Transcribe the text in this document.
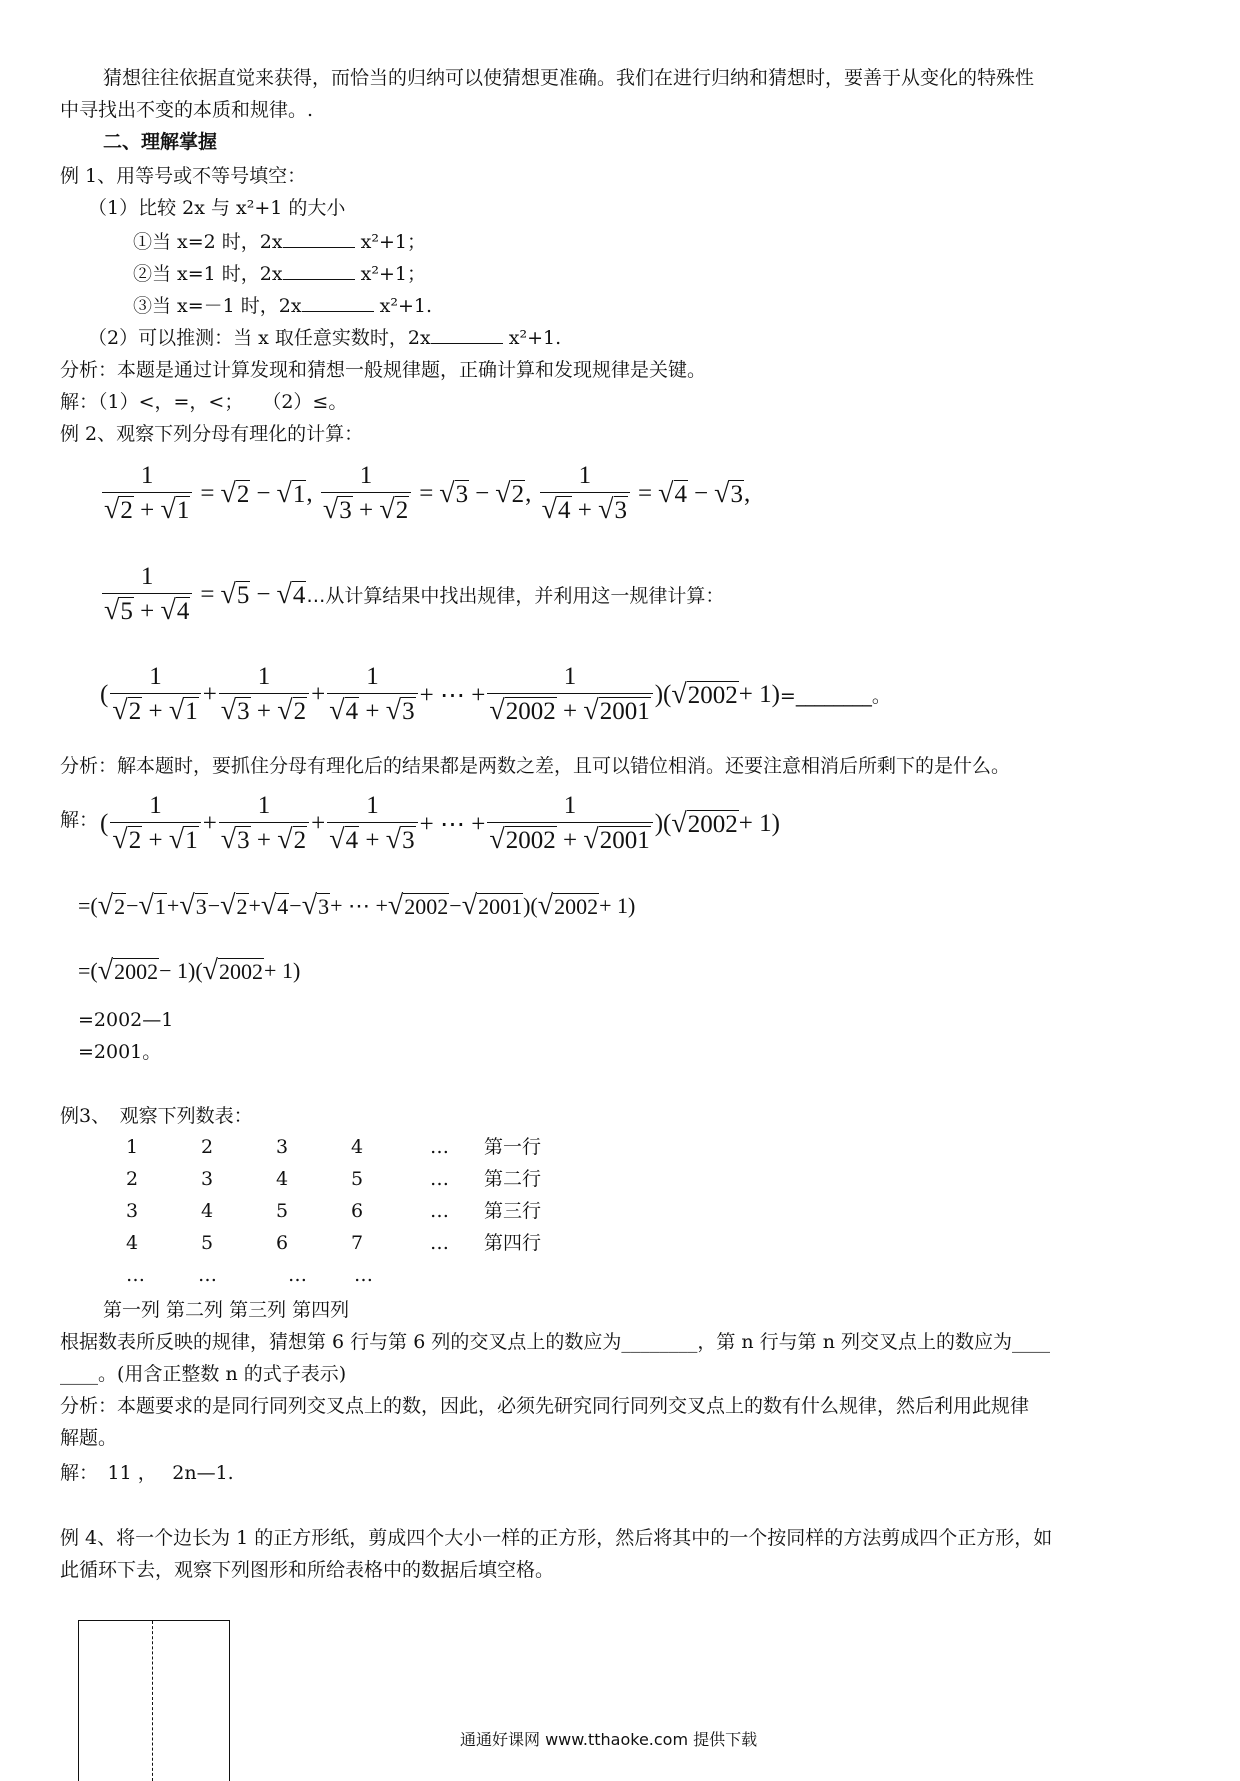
猜想往往依据直觉来获得，而恰当的归纳可以使猜想更准确。我们在进行归纳和猜想时，要善于从变化的特殊性
中寻找出不变的本质和规律。.
二、理解掌握
例 1、用等号或不等号填空：
（1）比较 2x 与 x²+1 的大小
①当 x=2 时，2x	x²+1；
②当 x=1 时，2x	x²+1；
③当 x=－1 时，2x	x²+1.
（2）可以推测：当 x 取任意实数时，2x	x²+1.
分析：本题是通过计算发现和猜想一般规律题，正确计算和发现规律是关键。
解：（1）<，=，<；　　（2）≤。
例 2、观察下列分母有理化的计算：
$\frac{1}{√2 + √1} = √2 - √1$ , $\frac{1}{√3 + √2} = √3 - √2$ , $\frac{1}{√4 + √3} = √4 - √3$ ,
$\frac{1}{√5 + √4} = √5 - √4$ …从计算结果中找出规律，并利用这一规律计算：
( $\frac{1}{√2 + √1} + \frac{1}{√3 + √2} + \frac{1}{√4 + √3}$ + ⋯ + $\frac{1}{√2002 + √2001}$ )( √2002 + 1) =________。
分析：解本题时，要抓住分母有理化后的结果都是两数之差，且可以错位相消。还要注意相消后所剩下的是什么。
解： ( $\frac{1}{√2 + √1} + \frac{1}{√3 + √2} + \frac{1}{√4 + √3}$ + ⋯ + $\frac{1}{√2002 + √2001}$ )( √2002 + 1)
=( √2 − √1 + √3 − √2 + √4 − √3 + ⋯ + √2002 − √2001 )( √2002 + 1)
=( √2002 − 1)( √2002 + 1)
=2002—1
=2001。
例3、　观察下列数表：
1	2	3	4	… 第一行
2	3	4	5	… 第二行
3	4	5	6	… 第三行
4	5	6	7	… 第四行
…	…	… …
第一列 第二列 第三列 第四列
根据数表所反映的规律，猜想第 6 行与第 6 列的交叉点上的数应为________，第 n 行与第 n 列交叉点上的数应为____
____。(用含正整数 n 的式子表示)
分析：本题要求的是同行同列交叉点上的数，因此，必须先研究同行同列交叉点上的数有什么规律，然后利用此规律
解题。
解：　11 ，　 2n—1.
例 4、将一个边长为 1 的正方形纸，剪成四个大小一样的正方形，然后将其中的一个按同样的方法剪成四个正方形，如
此循环下去，观察下列图形和所给表格中的数据后填空格。
通通好课网 www.tthaoke.com 提供下载
